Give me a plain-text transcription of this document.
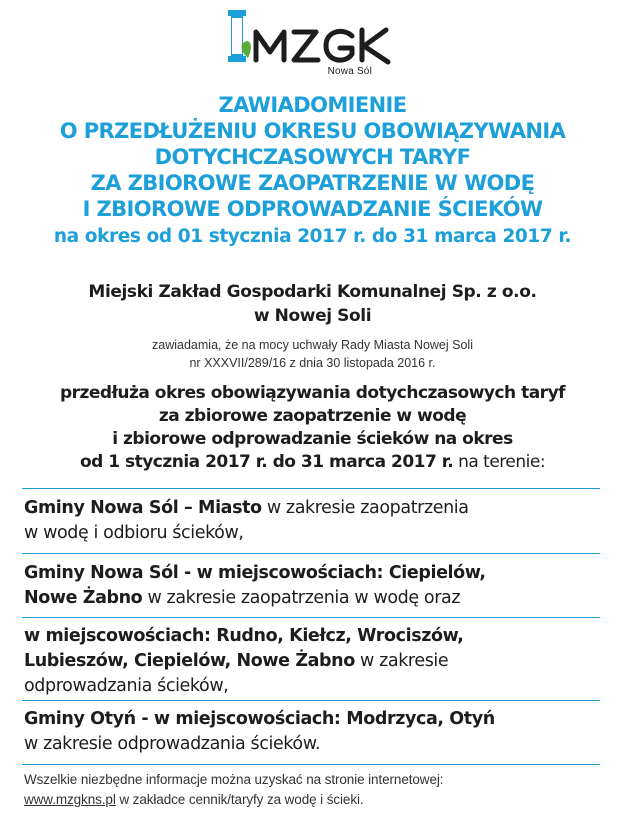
Nowa Sól
ZAWIADOMIENIE
O PRZEDŁUŻENIU OKRESU OBOWIĄZYWANIA
DOTYCHCZASOWYCH TARYF
ZA ZBIOROWE ZAOPATRZENIE W WODĘ
I ZBIOROWE ODPROWADZANIE ŚCIEKÓW
na okres od 01 stycznia 2017 r. do 31 marca 2017 r.
Miejski Zakład Gospodarki Komunalnej Sp. z o.o.
w Nowej Soli
zawiadamia, że na mocy uchwały Rady Miasta Nowej Soli
nr XXXVII/289/16 z dnia 30 listopada 2016 r.
przedłuża okres obowiązywania dotychczasowych taryf
za zbiorowe zaopatrzenie w wodę
i zbiorowe odprowadzanie ścieków na okres
od 1 stycznia 2017 r. do 31 marca 2017 r. na terenie:
Gminy Nowa Sól – Miasto w zakresie zaopatrzenia
w wodę i odbioru ścieków,
Gminy Nowa Sól - w miejscowościach: Ciepielów,
Nowe Żabno w zakresie zaopatrzenia w wodę oraz
w miejscowościach: Rudno, Kiełcz, Wrociszów,
Lubieszów, Ciepielów, Nowe Żabno w zakresie
odprowadzania ścieków,
Gminy Otyń - w miejscowościach: Modrzyca, Otyń
w zakresie odprowadzania ścieków.
Wszelkie niezbędne informacje można uzyskać na stronie internetowej:
www.mzgkns.pl w zakładce cennik/taryfy za wodę i ścieki.
